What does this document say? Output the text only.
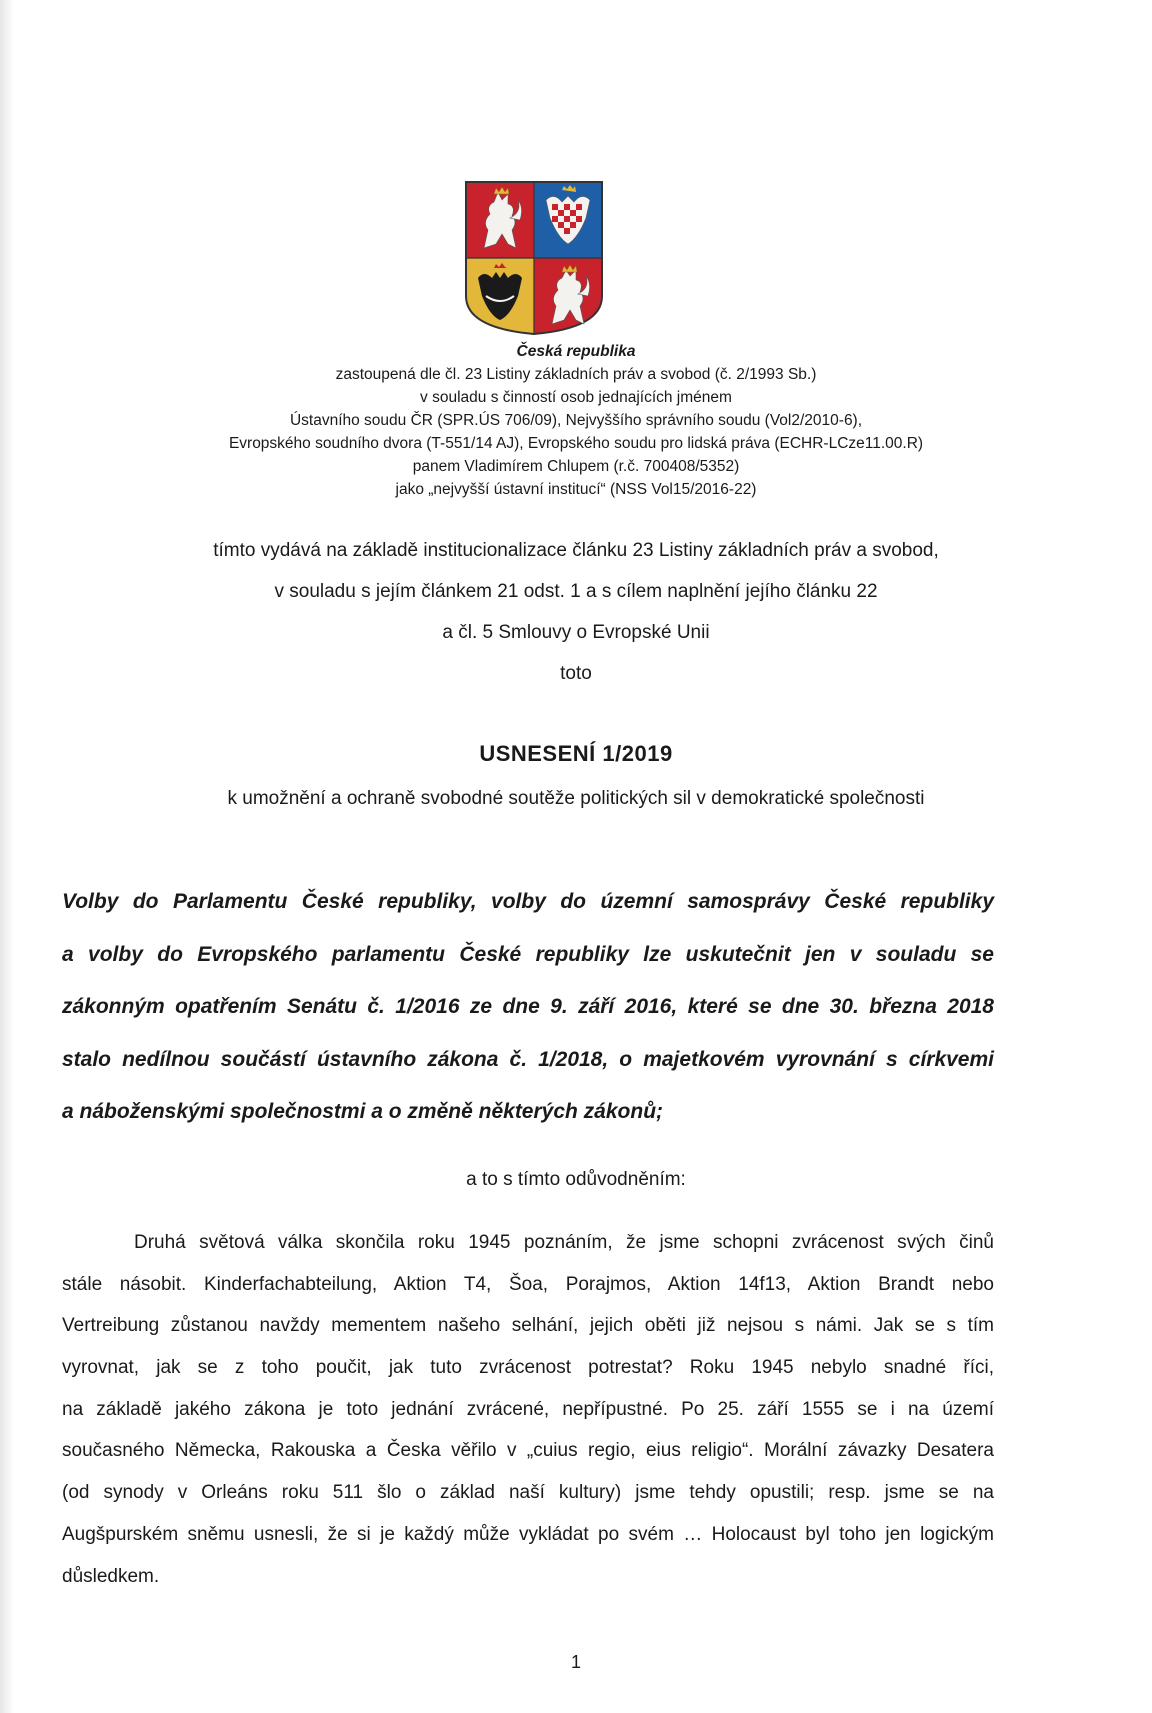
Česká republika
zastoupená dle čl. 23 Listiny základních práv a svobod (č. 2/1993 Sb.)
v souladu s činností osob jednajících jménem
Ústavního soudu ČR (SPR.ÚS 706/09), Nejvyššího správního soudu (Vol2/2010-6),
Evropského soudního dvora (T-551/14 AJ), Evropského soudu pro lidská práva (ECHR-LCze11.00.R)
panem Vladimírem Chlupem (r.č. 700408/5352)
jako „nejvyšší ústavní institucí“ (NSS Vol15/2016-22)
tímto vydává na základě institucionalizace článku 23 Listiny základních práv a svobod,
v souladu s jejím článkem 21 odst. 1 a s cílem naplnění jejího článku 22
a čl. 5 Smlouvy o Evropské Unii
toto
USNESENÍ 1/2019
k umožnění a ochraně svobodné soutěže politických sil v demokratické společnosti
Volby do Parlamentu České republiky, volby do územní samosprávy České republiky
a volby do Evropského parlamentu České republiky lze uskutečnit jen v souladu se
zákonným opatřením Senátu č. 1/2016 ze dne 9. září 2016, které se dne 30. března 2018
stalo nedílnou součástí ústavního zákona č. 1/2018, o majetkovém vyrovnání s církvemi
a náboženskými společnostmi a o změně některých zákonů;
a to s tímto odůvodněním:
Druhá světová válka skončila roku 1945 poznáním, že jsme schopni zvrácenost svých činů
stále násobit. Kinderfachabteilung, Aktion T4, Šoa, Porajmos, Aktion 14f13, Aktion Brandt nebo
Vertreibung zůstanou navždy mementem našeho selhání, jejich oběti již nejsou s námi. Jak se s tím
vyrovnat, jak se z toho poučit, jak tuto zvrácenost potrestat? Roku 1945 nebylo snadné říci,
na základě jakého zákona je toto jednání zvrácené, nepřípustné. Po 25. září 1555 se i na území
současného Německa, Rakouska a Česka věřilo v „cuius regio, eius religio“. Morální závazky Desatera
(od synody v Orleáns roku 511 šlo o základ naší kultury) jsme tehdy opustili; resp. jsme se na
Augšpurském sněmu usnesli, že si je každý může vykládat po svém … Holocaust byl toho jen logickým
důsledkem.
1
